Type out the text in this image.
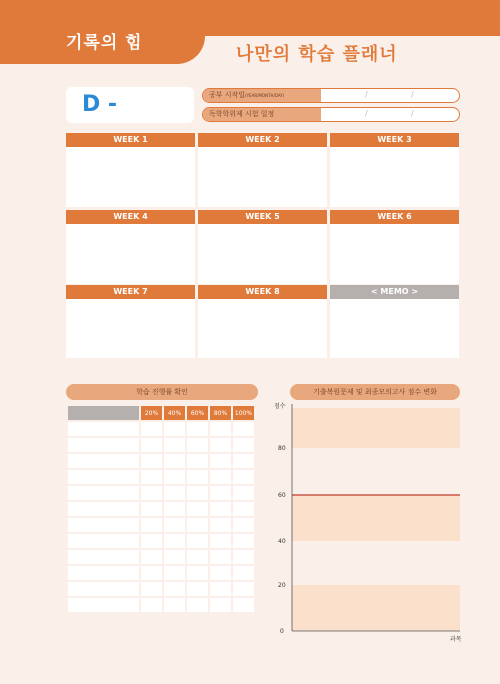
기록의 힘
나만의 학습 플래너
D -	공부 시작일(YEAR/MONTH/DAY)	/	/
독학학위제 시험 일정	/	/
WEEK 1	WEEK 2	WEEK 3
WEEK 4	WEEK 5	WEEK 6
WEEK 7	WEEK 8	< MEMO >
학습 진행률 확인	기출복원문제 및 최종모의고사 점수 변화
	20%	40%	60%	80%	100%

점수
0
20
40
60
80
과목
